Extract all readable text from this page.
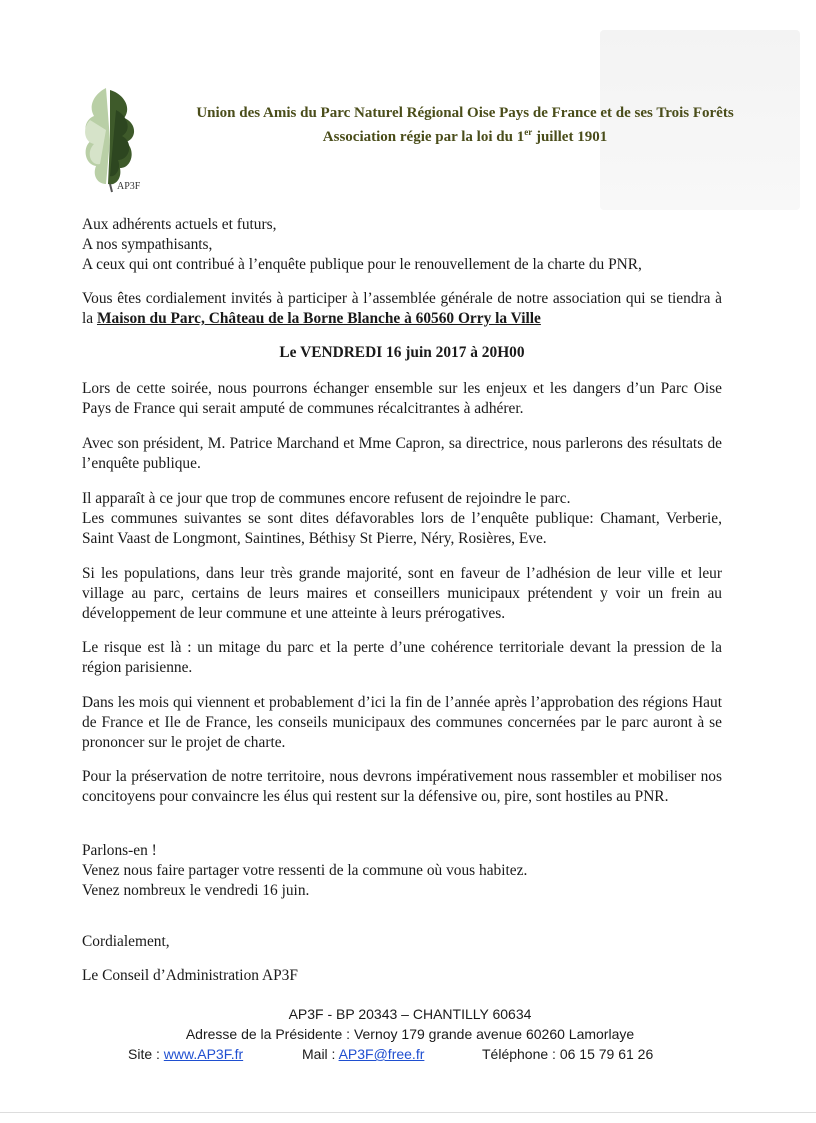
AP3F
Union des Amis du Parc Naturel Régional Oise Pays de France et de ses Trois Forêts
Association régie par la loi du 1er juillet 1901

Aux adhérents actuels et futurs,

A nos sympathisants,

A ceux qui ont contribué à l’enquête publique pour le renouvellement de la charte du PNR,

Vous êtes cordialement invités à participer à l’assemblée générale de notre association qui se tiendra à la Maison du Parc, Château de la Borne Blanche à 60560 Orry la Ville

Le VENDREDI 16 juin 2017 à 20H00

Lors de cette soirée, nous pourrons échanger ensemble sur les enjeux et les dangers d’un Parc Oise Pays de France qui serait amputé de communes récalcitrantes à adhérer.

Avec son président, M. Patrice Marchand et Mme Capron, sa directrice, nous parlerons des résultats de l’enquête publique.

Il apparaît à ce jour que trop de communes encore refusent de rejoindre le parc.

Les communes suivantes se sont dites défavorables lors de l’enquête publique: Chamant, Verberie, Saint Vaast de Longmont, Saintines, Béthisy St Pierre, Néry, Rosières, Eve.

Si les populations, dans leur très grande majorité, sont en faveur de l’adhésion de leur ville et leur village au parc, certains de leurs maires et conseillers municipaux prétendent y voir un frein au développement de leur commune et une atteinte à leurs prérogatives.

Le risque est là : un mitage du parc et la perte d’une cohérence territoriale devant la pression de la région parisienne.

Dans les mois qui viennent et probablement d’ici la fin de l’année après l’approbation des régions Haut de France et Ile de France, les conseils municipaux des communes concernées par le parc auront à se prononcer sur le projet de charte.

Pour la préservation de notre territoire, nous devrons impérativement nous rassembler et mobiliser nos concitoyens pour convaincre les élus qui restent sur la défensive ou, pire, sont hostiles au PNR.

Parlons-en !

Venez nous faire partager votre ressenti de la commune où vous habitez.

Venez nombreux le vendredi 16 juin.

Cordialement,
Le Conseil d’Administration AP3F
AP3F - BP 20343 – CHANTILLY 60634
Adresse de la Présidente : Vernoy 179 grande avenue 60260 Lamorlaye
Site : www.AP3F.fr	Mail : AP3F@free.fr	Téléphone : 06 15 79 61 26
